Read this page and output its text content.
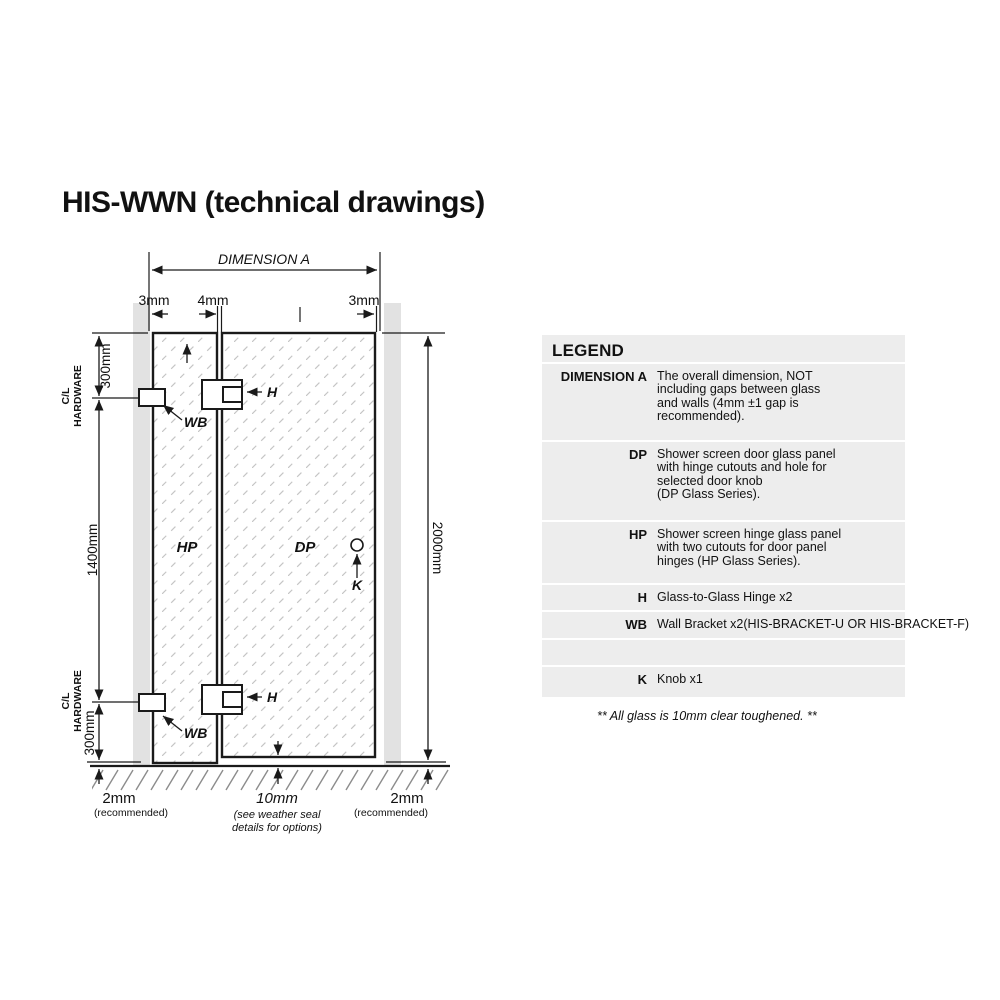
HIS-WWN (technical drawings)
DIMENSION A
3mm 4mm	3mm
300mm
1400mm
300mm
2000mm
C/L HARDWARE
C/L HARDWARE
HP	DP
K
H
H
WB
WB
2mm
(recommended)
10mm
(see weather seal
details for options)
2mm
(recommended)
LEGEND
DIMENSION A The overall dimension, NOT
including gaps between glass
and walls (4mm ±1 gap is
recommended).
DP Shower screen door glass panel
with hinge cutouts and hole for
selected door knob
(DP Glass Series).
HP Shower screen hinge glass panel
with two cutouts for door panel
hinges (HP Glass Series).
H Glass-to-Glass Hinge x2
WB Wall Bracket x2(HIS-BRACKET-U OR HIS-BRACKET-F)
K Knob x1
** All glass is 10mm clear toughened. **
